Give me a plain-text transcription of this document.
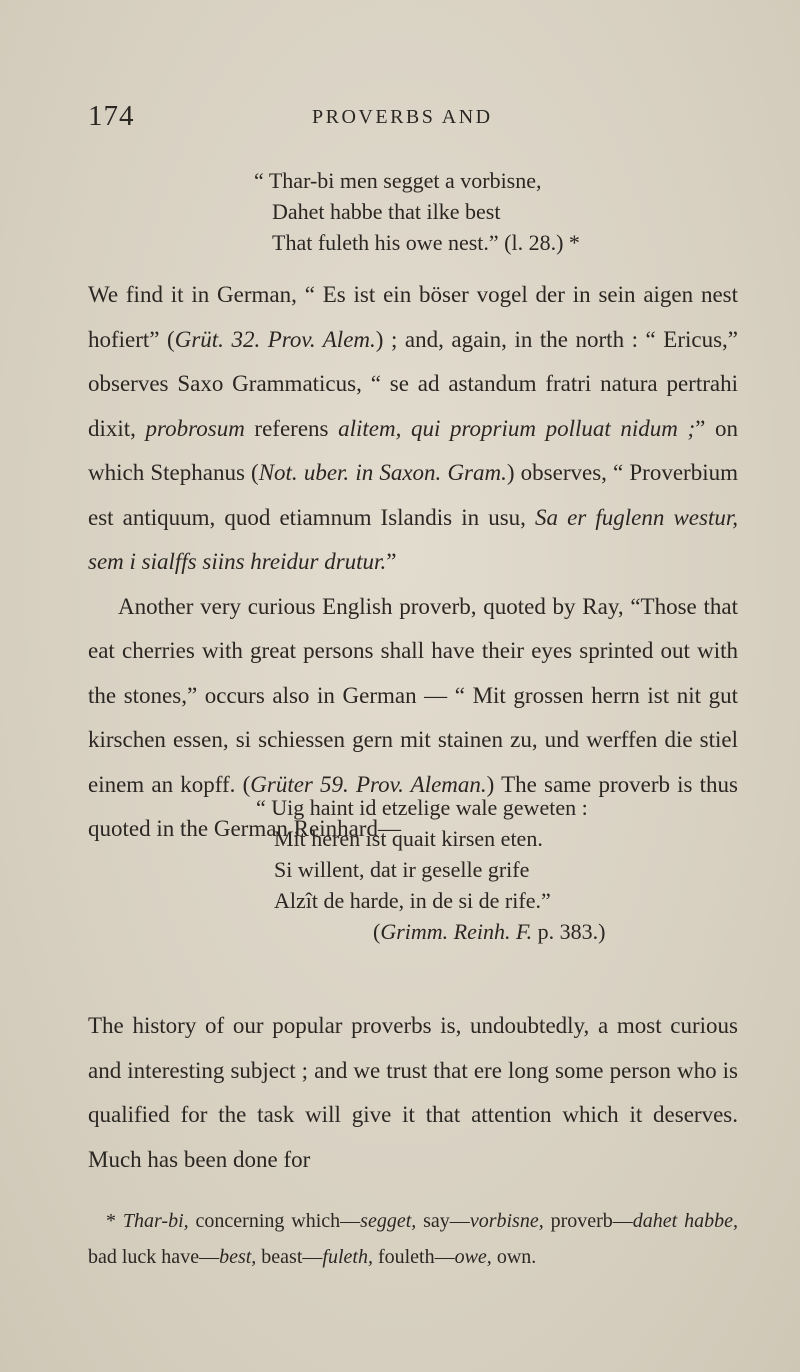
174	PROVERBS AND
“ Thar-bi men segget a vorbisne,
Dahet habbe that ilke best
That fuleth his owe nest.” (l. 28.) *

We find it in German, “ Es ist ein böser vogel der in sein aigen nest hofiert” (Grüt. 32. Prov. Alem.) ; and, again, in the north : “ Ericus,” observes Saxo Grammaticus, “ se ad astandum fratri natura pertrahi dixit, probrosum referens alitem, qui proprium polluat nidum ;” on which Stephanus (Not. uber. in Saxon. Gram.) observes, “ Proverbium est antiquum, quod etiamnum Islandis in usu, Sa er fuglenn westur, sem i sialffs siins hreidur drutur.”

Another very curious English proverb, quoted by Ray, “Those that eat cherries with great persons shall have their eyes sprinted out with the stones,” occurs also in German — “ Mit grossen herrn ist nit gut kirschen essen, si schiessen gern mit stainen zu, und werffen die stiel einem an kopff. (Grüter 59. Prov. Aleman.) The same proverb is thus quoted in the German Reinhard—

“ Uig haint id etzelige wale geweten :
Mit heren ist quait kirsen eten.
Si willent, dat ir geselle grife
Alzît de harde, in de si de rife.”
(Grimm. Reinh. F. p. 383.)

The history of our popular proverbs is, undoubtedly, a most curious and interesting subject ; and we trust that ere long some person who is qualified for the task will give it that attention which it deserves. Much has been done for

* Thar-bi, concerning which—segget, say—vorbisne, proverb—dahet habbe, bad luck have—best, beast—fuleth, fouleth—owe, own.
